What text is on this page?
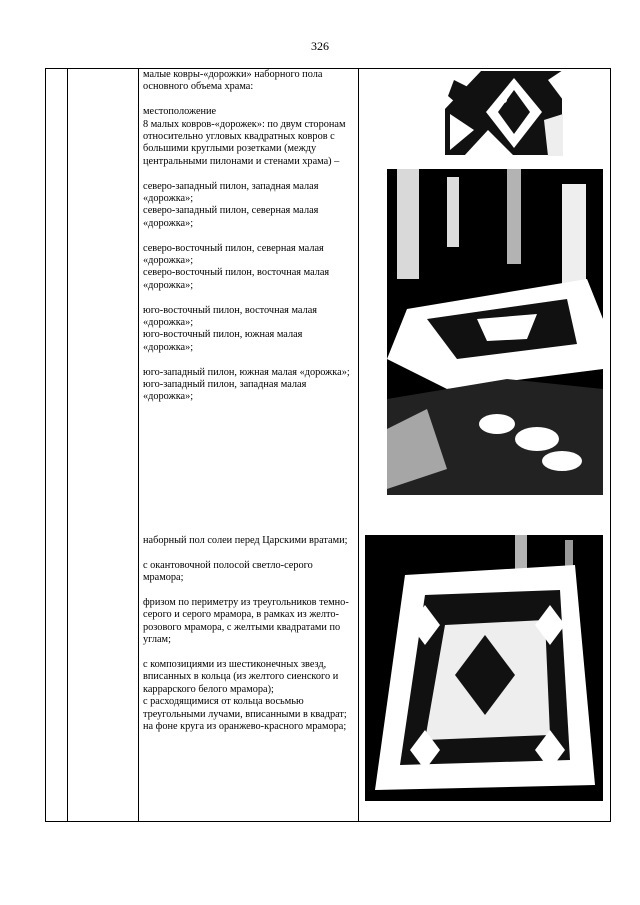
326

малые ковры-«дорожки» наборного пола основного объема храма:

местоположение
8 малых ковров-«дорожек»: по двум сторонам относительно угловых квадратных ковров с большими круглыми розетками (между центральными пилонами и стенами храма) –

северо-западный пилон, западная малая «дорожка»;
северо-западный пилон, северная малая «дорожка»;

северо-восточный пилон, северная малая «дорожка»;
северо-восточный пилон, восточная малая «дорожка»;

юго-восточный пилон, восточная малая «дорожка»;
юго-восточный пилон, южная малая «дорожка»;

юго-западный пилон, южная малая «дорожка»;
юго-западный пилон, западная малая «дорожка»;

наборный пол солеи перед Царскими вратами;

с окантовочной полосой светло-серого мрамора;

фризом по периметру из треугольников темно- серого и серого мрамора, в рамках из желто-розового мрамора, с желтыми квадратами по углам;

с композициями из шестиконечных звезд, вписанных в кольца (из желтого сиенского и каррарского белого мрамора);
с расходящимися от кольца восьмью треугольными лучами, вписанными в квадрат;
на фоне круга из оранжево-красного мрамора;
